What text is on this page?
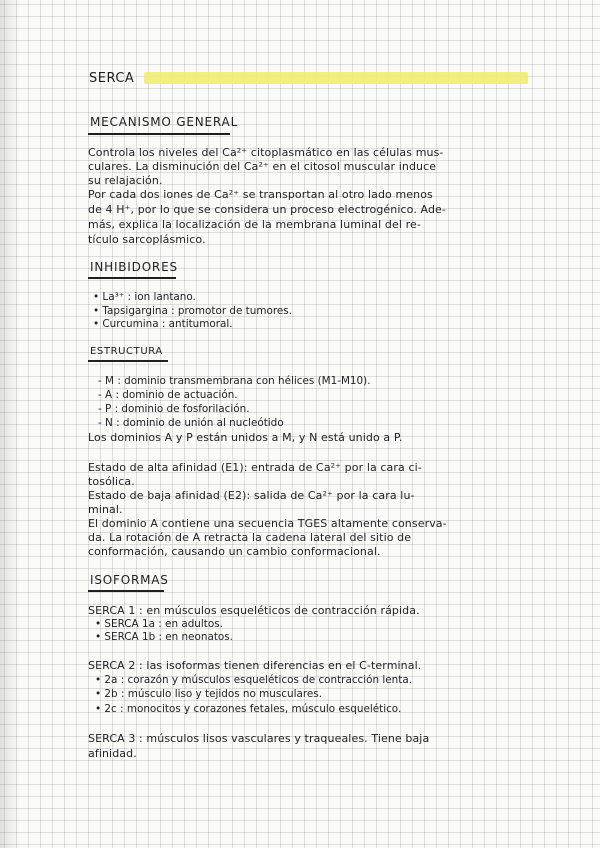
SERCA
MECANISMO GENERAL
Controla los niveles del Ca²⁺ citoplasmático en las células mus-
culares. La disminución del Ca²⁺ en el citosol muscular induce
su relajación.
Por cada dos iones de Ca²⁺ se transportan al otro lado menos
de 4 H⁺, por lo que se considera un proceso electrogénico. Ade-
más, explica la localización de la membrana luminal del re-
tículo sarcoplásmico.
INHIBIDORES
• La³⁺ : ion lantano.
• Tapsigargina : promotor de tumores.
• Curcumina : antitumoral.
ESTRUCTURA
- M : dominio transmembrana con hélices (M1-M10).
- A : dominio de actuación.
- P : dominio de fosforilación.
- N : dominio de unión al nucleótido
Los dominios A y P están unidos a M, y N está unido a P.
Estado de alta afinidad (E1): entrada de Ca²⁺ por la cara ci-
tosólica.
Estado de baja afinidad (E2): salida de Ca²⁺ por la cara lu-
minal.
El dominio A contiene una secuencia TGES altamente conserva-
da. La rotación de A retracta la cadena lateral del sitio de
conformación, causando un cambio conformacional.
ISOFORMAS
SERCA 1 : en músculos esqueléticos de contracción rápida.
• SERCA 1a : en adultos.
• SERCA 1b : en neonatos.
SERCA 2 : las isoformas tienen diferencias en el C-terminal.
• 2a : corazón y músculos esqueléticos de contracción lenta.
• 2b : músculo liso y tejidos no musculares.
• 2c : monocitos y corazones fetales, músculo esquelético.
SERCA 3 : músculos lisos vasculares y traqueales. Tiene baja
afinidad.
